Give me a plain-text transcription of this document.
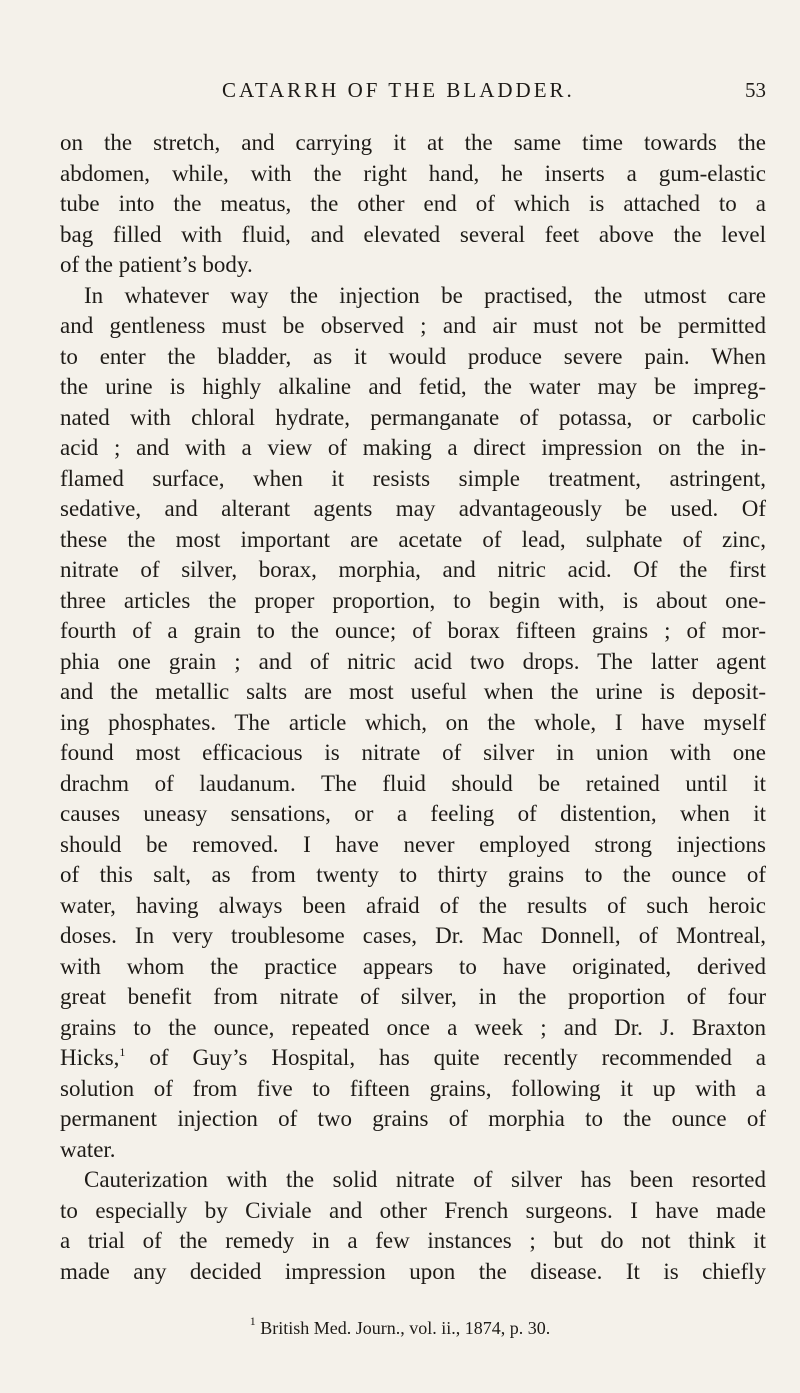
CATARRH OF THE BLADDER.	53
on the stretch, and carrying it at the same time towards the
abdomen, while, with the right hand, he inserts a gum-elastic
tube into the meatus, the other end of which is attached to a
bag filled with fluid, and elevated several feet above the level
of the patient’s body.
In whatever way the injection be practised, the utmost care
and gentleness must be observed ; and air must not be permitted
to enter the bladder, as it would produce severe pain. When
the urine is highly alkaline and fetid, the water may be impreg-
nated with chloral hydrate, permanganate of potassa, or carbolic
acid ; and with a view of making a direct impression on the in-
flamed surface, when it resists simple treatment, astringent,
sedative, and alterant agents may advantageously be used. Of
these the most important are acetate of lead, sulphate of zinc,
nitrate of silver, borax, morphia, and nitric acid. Of the first
three articles the proper proportion, to begin with, is about one-
fourth of a grain to the ounce; of borax fifteen grains ; of mor-
phia one grain ; and of nitric acid two drops. The latter agent
and the metallic salts are most useful when the urine is deposit-
ing phosphates. The article which, on the whole, I have myself
found most efficacious is nitrate of silver in union with one
drachm of laudanum. The fluid should be retained until it
causes uneasy sensations, or a feeling of distention, when it
should be removed. I have never employed strong injections
of this salt, as from twenty to thirty grains to the ounce of
water, having always been afraid of the results of such heroic
doses. In very troublesome cases, Dr. Mac Donnell, of Montreal,
with whom the practice appears to have originated, derived
great benefit from nitrate of silver, in the proportion of four
grains to the ounce, repeated once a week ; and Dr. J. Braxton
Hicks,$^1$ of Guy’s Hospital, has quite recently recommended a
solution of from five to fifteen grains, following it up with a
permanent injection of two grains of morphia to the ounce of
water.
Cauterization with the solid nitrate of silver has been resorted
to especially by Civiale and other French surgeons. I have made
a trial of the remedy in a few instances ; but do not think it
made any decided impression upon the disease. It is chiefly
$^1$ British Med. Journ., vol. ii., 1874, p. 30.
